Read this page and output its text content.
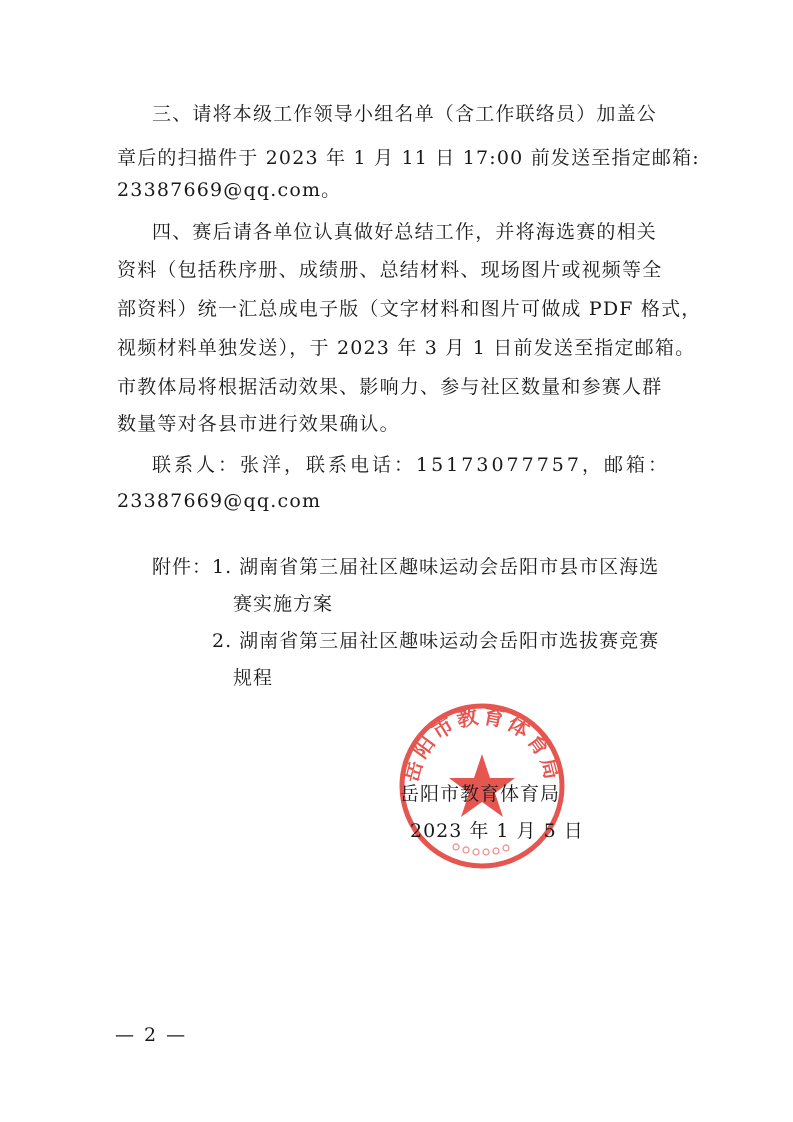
三、请将本级工作领导小组名单（含工作联络员）加盖公
章后的扫描件于 2023 年 1 月 11 日 17:00 前发送至指定邮箱:
23387669@qq.com。
四、赛后请各单位认真做好总结工作，并将海选赛的相关
资料（包括秩序册、成绩册、总结材料、现场图片或视频等全
部资料）统一汇总成电子版（文字材料和图片可做成 PDF 格式，
视频材料单独发送），于 2023 年 3 月 1 日前发送至指定邮箱。
市教体局将根据活动效果、影响力、参与社区数量和参赛人群
数量等对各县市进行效果确认。
联系人：张洋，联系电话：15173077757，邮箱：
23387669@qq.com
附件： 1. 湖南省第三届社区趣味运动会岳阳市县市区海选
赛实施方案
2. 湖南省第三届社区趣味运动会岳阳市选拔赛竞赛
规程
岳阳市教育体育局
岳阳市教育体育局
2023 年 1 月 5 日
— 2 —
